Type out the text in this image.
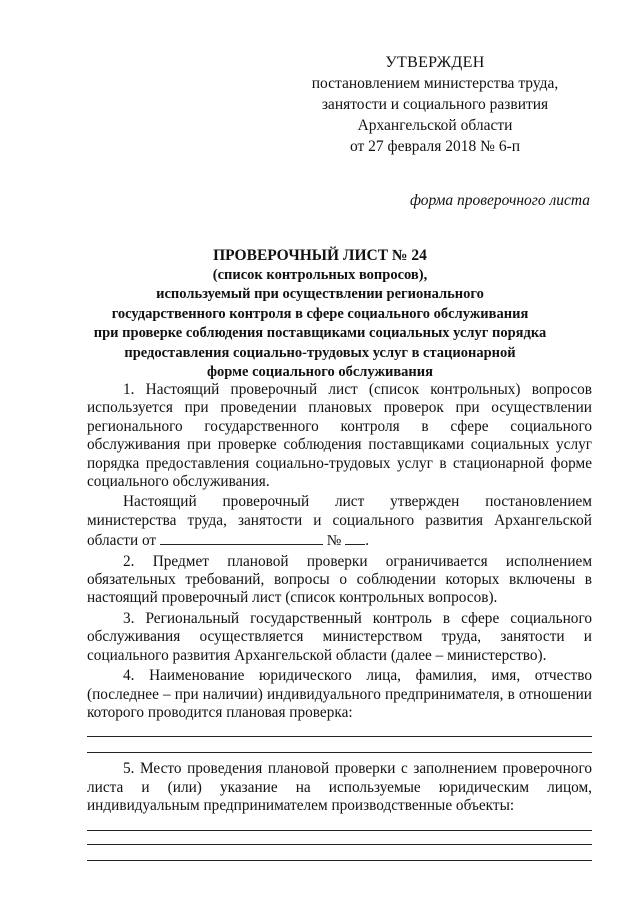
УТВЕРЖДЕН
постановлением министерства труда,
занятости и социального развития
Архангельской области
от 27 февраля 2018 № 6-п
форма проверочного листа
ПРОВЕРОЧНЫЙ ЛИСТ № 24
(список контрольных вопросов),
используемый при осуществлении регионального
государственного контроля в сфере социального обслуживания
при проверке соблюдения поставщиками социальных услуг порядка
предоставления социально-трудовых услуг в стационарной
форме социального обслуживания

1. Настоящий проверочный лист (список контрольных) вопросов используется при проведении плановых проверок при осуществлении регионального государственного контроля в сфере социального обслуживания при проверке соблюдения поставщиками социальных услуг порядка предоставления социально-трудовых услуг в стационарной форме социального обслуживания.

Настоящий проверочный лист утвержден постановлением министерства труда, занятости и социального развития Архангельской области от	№ .

2. Предмет плановой проверки ограничивается исполнением обязательных требований, вопросы о соблюдении которых включены в настоящий проверочный лист (список контрольных вопросов).

3. Региональный государственный контроль в сфере социального обслуживания осуществляется министерством труда, занятости и социального развития Архангельской области (далее – министерство).

4. Наименование юридического лица, фамилия, имя, отчество (последнее – при наличии) индивидуального предпринимателя, в отношении которого проводится плановая проверка:

5. Место проведения плановой проверки с заполнением проверочного листа и (или) указание на используемые юридическим лицом, индивидуальным предпринимателем производственные объекты:
